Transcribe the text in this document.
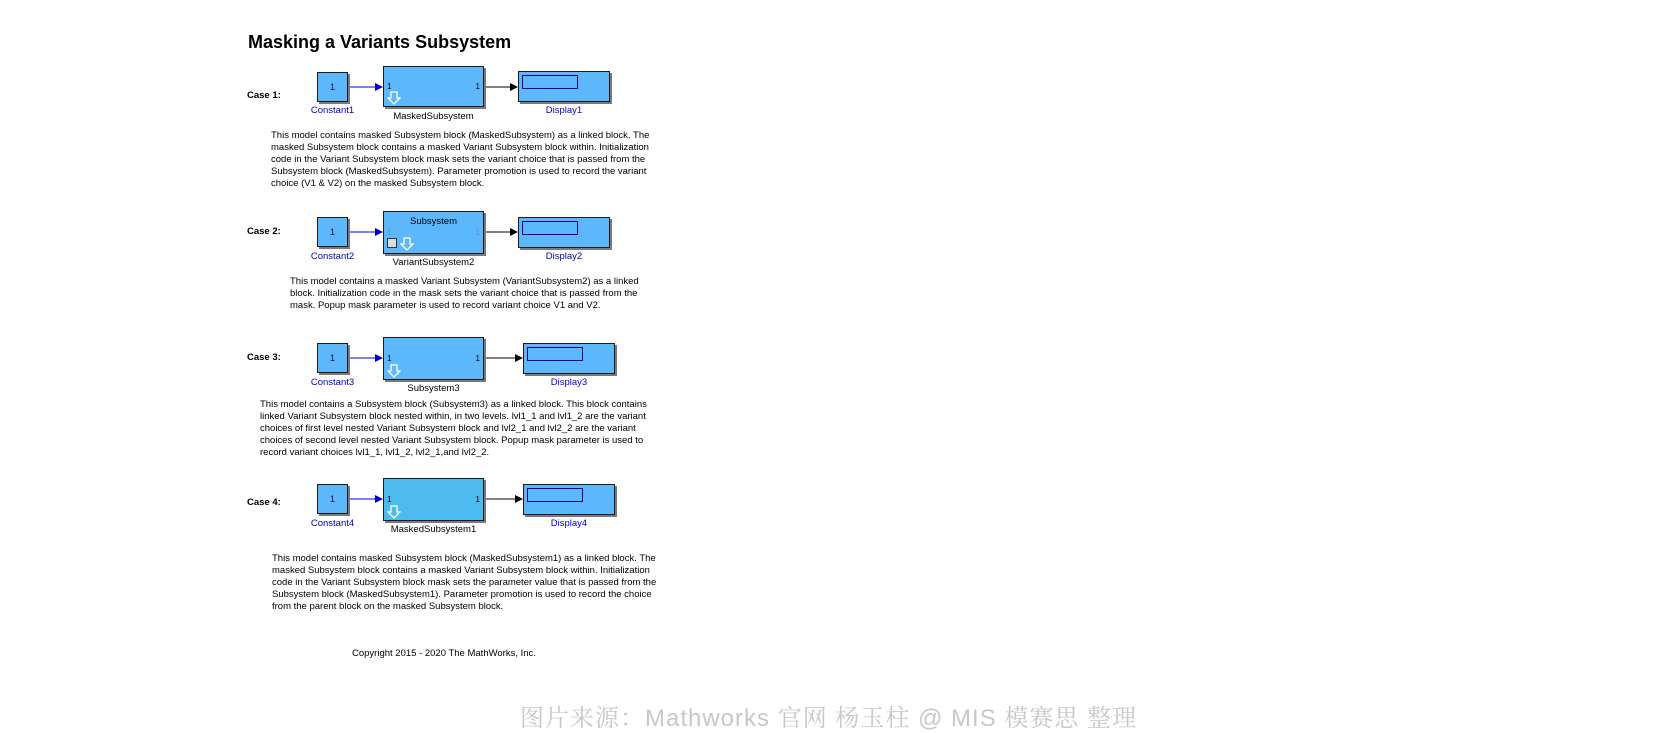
Masking a Variants Subsystem
Case 1:
1
Constant1
1	1
MaskedSubsystem
Display1
This model contains masked Subsystem block (MaskedSubsystem) as a linked block. The
masked Subsystem block contains a masked Variant Subsystem block within. Initialization
code in the Variant Subsystem block mask sets the variant choice that is passed from the
Subsystem block (MaskedSubsystem). Parameter promotion is used to record the variant
choice (V1 & V2) on the masked Subsystem block.
Case 2:	1
Constant2
Subsystem
1	1
VariantSubsystem2
Display2
This model contains a masked Variant Subsystem (VariantSubsystem2) as a linked
block. Initialization code in the mask sets the variant choice that is passed from the
mask. Popup mask parameter is used to record variant choice V1 and V2.
Case 3:	1
Constant3
1	1
Subsystem3
Display3
This model contains a Subsystem block (Subsystem3) as a linked block. This block contains
linked Variant Subsystem block nested within, in two levels. lvl1_1 and lvl1_2 are the variant
choices of first level nested Variant Subsystem block and lvl2_1 and lvl2_2 are the variant
choices of second level nested Variant Subsystem block. Popup mask parameter is used to
record variant choices lvl1_1, lvl1_2, lvl2_1,and lvl2_2.
Case 4:	1
Constant4
1	1
MaskedSubsystem1
Display4
This model contains masked Subsystem block (MaskedSubsystem1) as a linked block. The
masked Subsystem block contains a masked Variant Subsystem block within. Initialization
code in the Variant Subsystem block mask sets the parameter value that is passed from the
Subsystem block (MaskedSubsystem1). Parameter promotion is used to record the choice
from the parent block on the masked Subsystem block.
Copyright 2015 - 2020 The MathWorks, Inc.
图片来源：Mathworks 官网 杨玉柱 @ MIS 模赛思 整理
